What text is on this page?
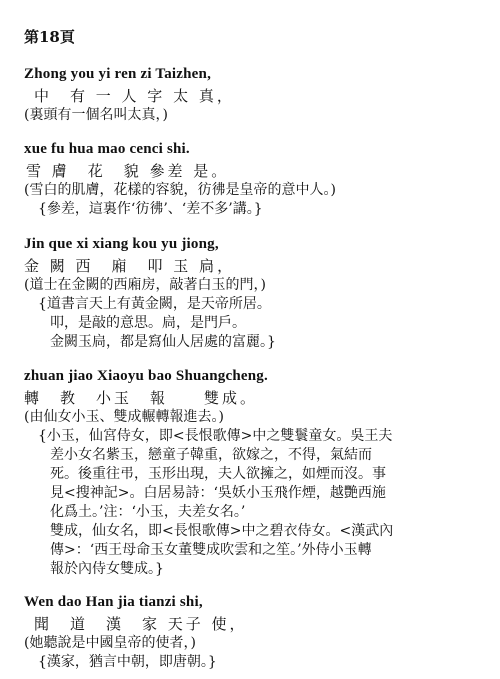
第18頁
Zhong you yi ren zi Taizhen,
中　有 一 人 字 太 真，
(裏頭有一個名叫太真，)
xue fu hua mao cenci shi.
雪 膚　花　貌 參差 是。
(雪白的肌膚，花樣的容貌，彷彿是皇帝的意中人。)
{參差，這裏作‘彷彿’、‘差不多’講。}
Jin que xi xiang kou yu jiong,
金 闕 西　廂　叩 玉 扃，
(道士在金闕的西廂房，敲著白玉的門，)
{道書言天上有黃金闕，是天帝所居。
叩，是敲的意思。扃，是門戶。
金闕玉扃，都是寫仙人居處的富麗。}
zhuan jiao Xiaoyu bao Shuangcheng.
轉　教　小玉　報　　雙成。
(由仙女小玉、雙成輾轉報進去。)
{小玉，仙宮侍女，即<長恨歌傳>中之雙鬟童女。吳王夫
差小女名紫玉，戀童子韓重，欲嫁之，不得，氣結而
死。後重往弔，玉形出現，夫人欲擁之，如煙而沒。事
見<搜神記>。白居易詩：‘吳妖小玉飛作煙，越艷西施
化爲土。’注：‘小玉，夫差女名。’
雙成，仙女名，即<長恨歌傳>中之碧衣侍女。<漢武內
傳>：‘西王母命玉女董雙成吹雲和之笙。’外侍小玉轉
報於內侍女雙成。}
Wen dao Han jia tianzi shi,
聞　道　漢　家 天子 使，
(她聽說是中國皇帝的使者，)
{漢家，猶言中朝，即唐朝。}
